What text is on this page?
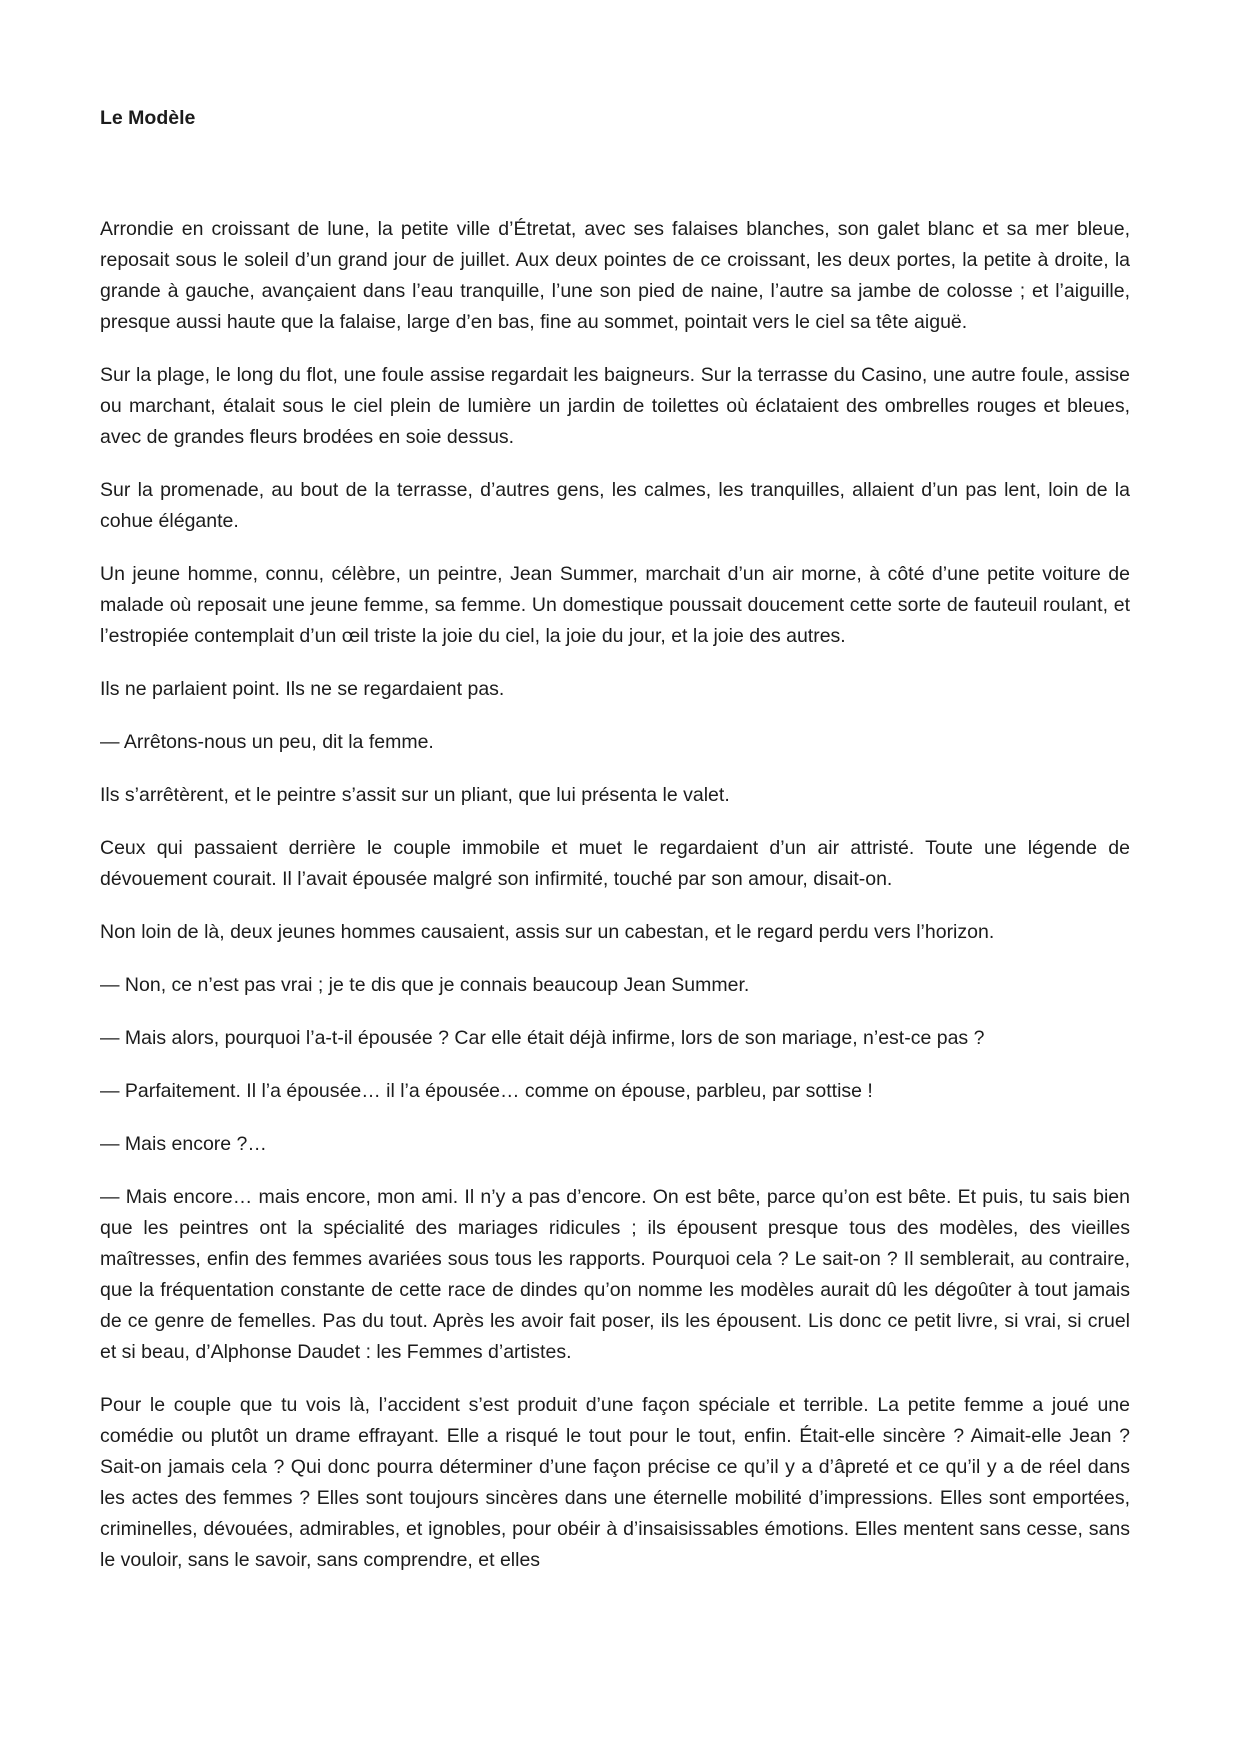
Le Modèle

Arrondie en croissant de lune, la petite ville d’Étretat, avec ses falaises blanches, son galet blanc et sa mer bleue, reposait sous le soleil d’un grand jour de juillet. Aux deux pointes de ce croissant, les deux portes, la petite à droite, la grande à gauche, avançaient dans l’eau tranquille, l’une son pied de naine, l’autre sa jambe de colosse ; et l’aiguille, presque aussi haute que la falaise, large d’en bas, fine au sommet, pointait vers le ciel sa tête aiguë.

Sur la plage, le long du flot, une foule assise regardait les baigneurs. Sur la terrasse du Casino, une autre foule, assise ou marchant, étalait sous le ciel plein de lumière un jardin de toilettes où éclataient des ombrelles rouges et bleues, avec de grandes fleurs brodées en soie dessus.

Sur la promenade, au bout de la terrasse, d’autres gens, les calmes, les tranquilles, allaient d’un pas lent, loin de la cohue élégante.

Un jeune homme, connu, célèbre, un peintre, Jean Summer, marchait d’un air morne, à côté d’une petite voiture de malade où reposait une jeune femme, sa femme. Un domestique poussait doucement cette sorte de fauteuil roulant, et l’estropiée contemplait d’un œil triste la joie du ciel, la joie du jour, et la joie des autres.

Ils ne parlaient point. Ils ne se regardaient pas.

— Arrêtons-nous un peu, dit la femme.

Ils s’arrêtèrent, et le peintre s’assit sur un pliant, que lui présenta le valet.

Ceux qui passaient derrière le couple immobile et muet le regardaient d’un air attristé. Toute une légende de dévouement courait. Il l’avait épousée malgré son infirmité, touché par son amour, disait-on.

Non loin de là, deux jeunes hommes causaient, assis sur un cabestan, et le regard perdu vers l’horizon.

— Non, ce n’est pas vrai ; je te dis que je connais beaucoup Jean Summer.

— Mais alors, pourquoi l’a-t-il épousée ? Car elle était déjà infirme, lors de son mariage, n’est-ce pas ?

— Parfaitement. Il l’a épousée… il l’a épousée… comme on épouse, parbleu, par sottise !

— Mais encore ?…

— Mais encore… mais encore, mon ami. Il n’y a pas d’encore. On est bête, parce qu’on est bête. Et puis, tu sais bien que les peintres ont la spécialité des mariages ridicules ; ils épousent presque tous des modèles, des vieilles maîtresses, enfin des femmes avariées sous tous les rapports. Pourquoi cela ? Le sait-on ? Il semblerait, au contraire, que la fréquentation constante de cette race de dindes qu’on nomme les modèles aurait dû les dégoûter à tout jamais de ce genre de femelles. Pas du tout. Après les avoir fait poser, ils les épousent. Lis donc ce petit livre, si vrai, si cruel et si beau, d’Alphonse Daudet : les Femmes d’artistes.

Pour le couple que tu vois là, l’accident s’est produit d’une façon spéciale et terrible. La petite femme a joué une comédie ou plutôt un drame effrayant. Elle a risqué le tout pour le tout, enfin. Était-elle sincère ? Aimait-elle Jean ? Sait-on jamais cela ? Qui donc pourra déterminer d’une façon précise ce qu’il y a d’âpreté et ce qu’il y a de réel dans les actes des femmes ? Elles sont toujours sincères dans une éternelle mobilité d’impressions. Elles sont emportées, criminelles, dévouées, admirables, et ignobles, pour obéir à d’insaisissables émotions. Elles mentent sans cesse, sans le vouloir, sans le savoir, sans comprendre, et elles
